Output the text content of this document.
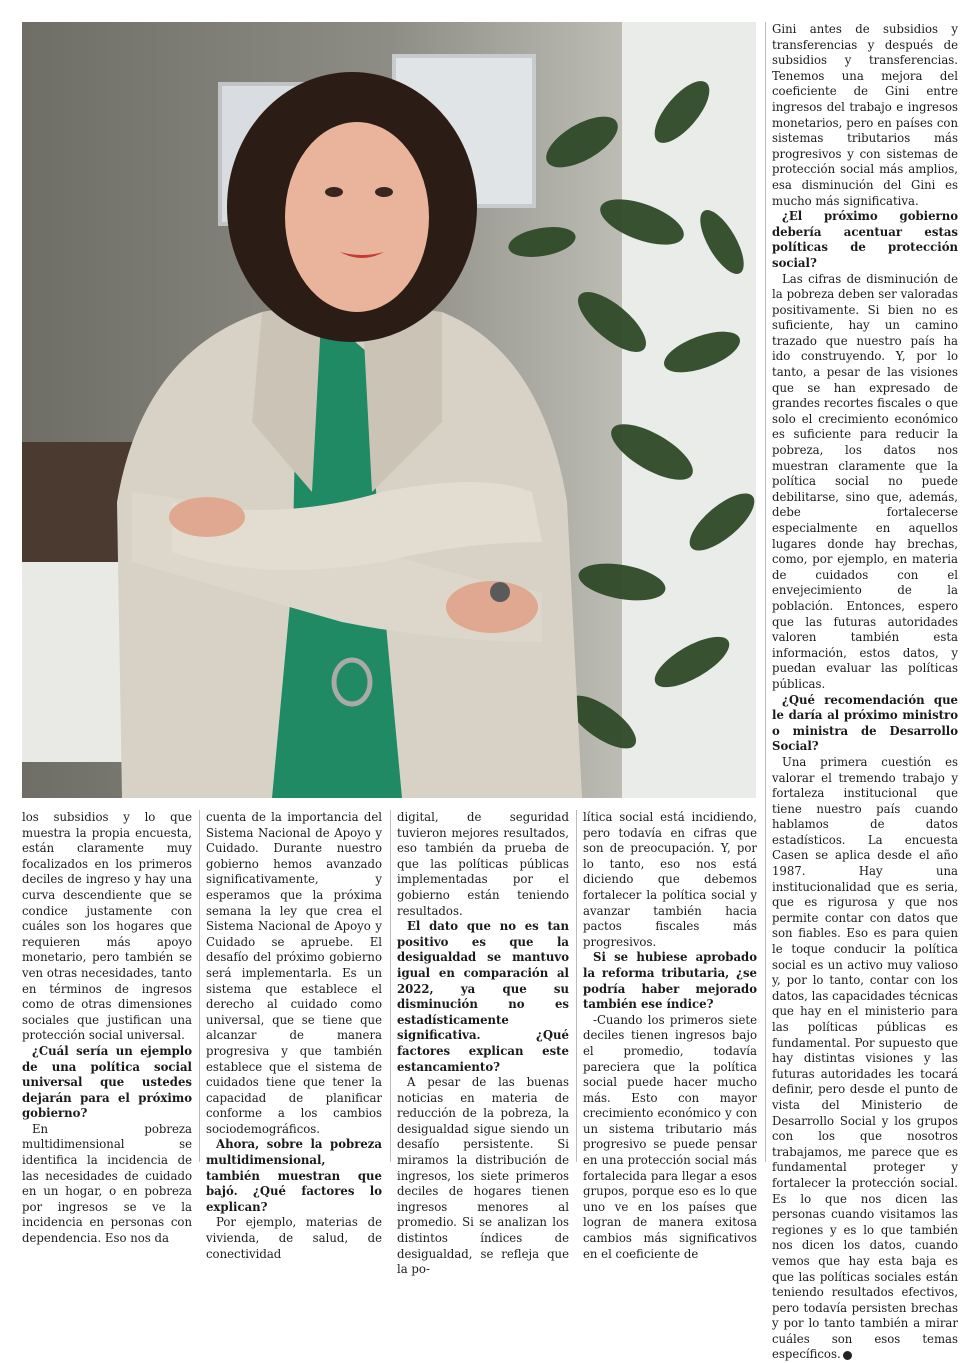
Gini antes de subsidios y transferencias y después de subsidios y transferencias. Tenemos una mejora del coeficiente de Gini entre ingresos del trabajo e ingresos monetarios, pero en países con sistemas tributarios más progresivos y con sistemas de protección social más amplios, esa disminución del Gini es mucho más significativa.

¿El próximo gobierno debería acentuar estas políticas de protección social?

Las cifras de disminución de la pobreza deben ser valoradas positivamente. Si bien no es suficiente, hay un camino trazado que nuestro país ha ido construyendo. Y, por lo tanto, a pesar de las visiones que se han expresado de grandes recortes fiscales o que solo el crecimiento económico es suficiente para reducir la pobreza, los datos nos muestran claramente que la política social no puede debilitarse, sino que, además, debe fortalecerse especialmente en aquellos lugares donde hay brechas, como, por ejemplo, en materia de cuidados con el envejecimiento de la población. Entonces, espero que las futuras autoridades valoren también esta información, estos datos, y puedan evaluar las políticas públicas.

¿Qué recomendación que le daría al próximo ministro o ministra de Desarrollo Social?

Una primera cuestión es valorar el tremendo trabajo y fortaleza institucional que tiene nuestro país cuando hablamos de datos estadísticos. La encuesta Casen se aplica desde el año 1987. Hay una institucionalidad que es seria, que es rigurosa y que nos permite contar con datos que son fiables. Eso es para quien le toque conducir la política social es un activo muy valioso y, por lo tanto, contar con los datos, las capacidades técnicas que hay en el ministerio para las políticas públicas es fundamental. Por supuesto que hay distintas visiones y las futuras autoridades les tocará definir, pero desde el punto de vista del Ministerio de Desarrollo Social y los grupos con los que nosotros trabajamos, me parece que es fundamental proteger y fortalecer la protección social. Es lo que nos dicen las personas cuando visitamos las regiones y es lo que también nos dicen los datos, cuando vemos que hay esta baja es que las políticas sociales están teniendo resultados efectivos, pero todavía persisten brechas y por lo tanto también a mirar cuáles son esos temas específicos.

los subsidios y lo que muestra la propia encuesta, están claramente muy focalizados en los primeros deciles de ingreso y hay una curva descendiente que se condice justamente con cuáles son los hogares que requieren más apoyo monetario, pero también se ven otras necesidades, tanto en términos de ingresos como de otras dimensiones sociales que justifican una protección social universal.

¿Cuál sería un ejemplo de una política social universal que ustedes dejarán para el próximo gobierno?

En pobreza multidimensional se identifica la incidencia de las necesidades de cuidado en un hogar, o en pobreza por ingresos se ve la incidencia en personas con dependencia. Eso nos da

cuenta de la importancia del Sistema Nacional de Apoyo y Cuidado. Durante nuestro gobierno hemos avanzado significativamente, y esperamos que la próxima semana la ley que crea el Sistema Nacional de Apoyo y Cuidado se apruebe. El desafío del próximo gobierno será implementarla. Es un sistema que establece el derecho al cuidado como universal, que se tiene que alcanzar de manera progresiva y que también establece que el sistema de cuidados tiene que tener la capacidad de planificar conforme a los cambios sociodemográficos.

Ahora, sobre la pobreza multidimensional, también muestran que bajó. ¿Qué factores lo explican?

Por ejemplo, materias de vivienda, de salud, de conectividad

digital, de seguridad tuvieron mejores resultados, eso también da prueba de que las políticas públicas implementadas por el gobierno están teniendo resultados.

El dato que no es tan positivo es que la desigualdad se mantuvo igual en comparación al 2022, ya que su disminución no es estadísticamente significativa. ¿Qué factores explican este estancamiento?

A pesar de las buenas noticias en materia de reducción de la pobreza, la desigualdad sigue siendo un desafío persistente. Si miramos la distribución de ingresos, los siete primeros deciles de hogares tienen ingresos menores al promedio. Si se analizan los distintos índices de desigualdad, se refleja que la po-

lítica social está incidiendo, pero todavía en cifras que son de preocupación. Y, por lo tanto, eso nos está diciendo que debemos fortalecer la política social y avanzar también hacia pactos fiscales más progresivos.

Si se hubiese aprobado la reforma tributaria, ¿se podría haber mejorado también ese índice?

-Cuando los primeros siete deciles tienen ingresos bajo el promedio, todavía pareciera que la política social puede hacer mucho más. Esto con mayor crecimiento económico y con un sistema tributario más progresivo se puede pensar en una protección social más fortalecida para llegar a esos grupos, porque eso es lo que uno ve en los países que logran de manera exitosa cambios más significativos en el coeficiente de
